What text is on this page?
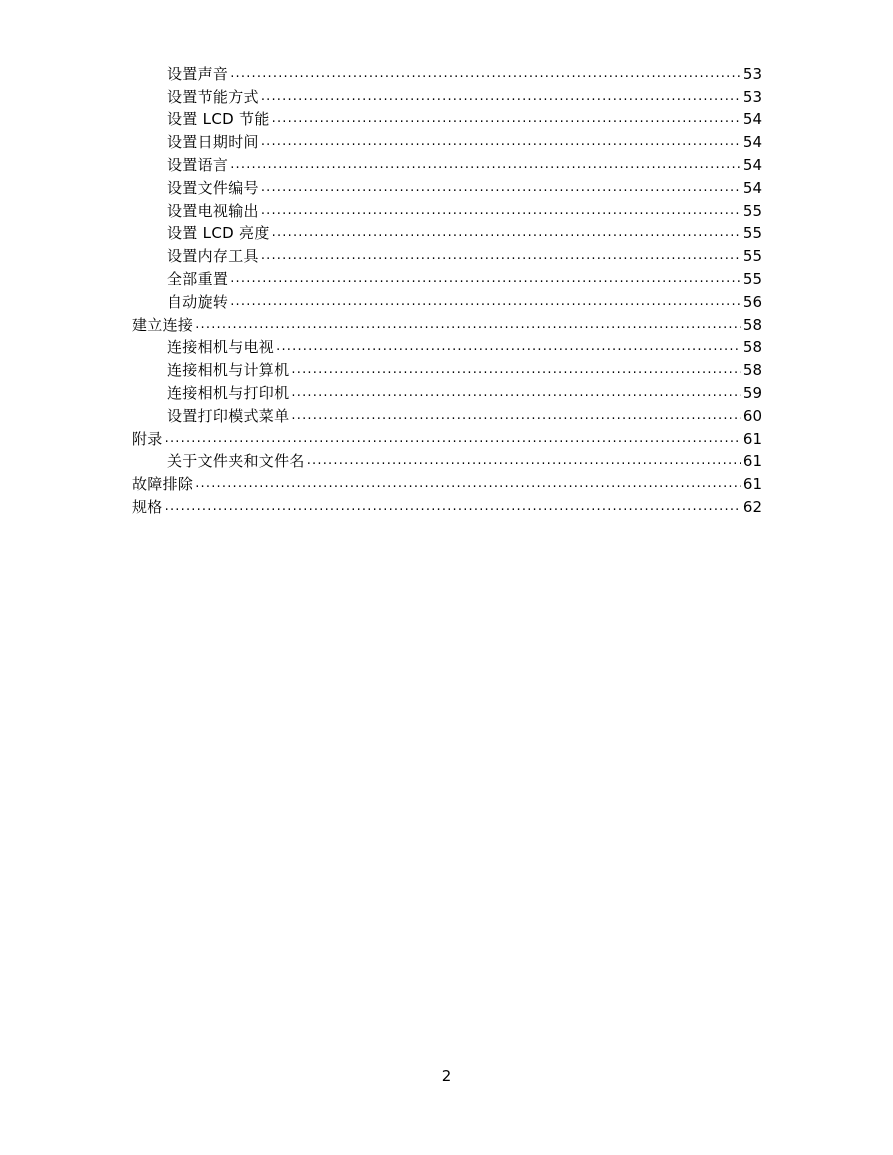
设置声音 .....	53
设置节能方式 .....	53
设置 LCD 节能 .....	54
设置日期时间 .....	54
设置语言 .....	54
设置文件编号 .....	54
设置电视输出 .....	55
设置 LCD 亮度 .....	55
设置内存工具 .....	55
全部重置 .....	55
自动旋转 .....	56
建立连接 .....	58
连接相机与电视 .....	58
连接相机与计算机 .....	58
连接相机与打印机 .....	59
设置打印模式菜单 .....	60
附录 .....	61
关于文件夹和文件名 .....	61
故障排除 .....	61
规格 .....	62
2
